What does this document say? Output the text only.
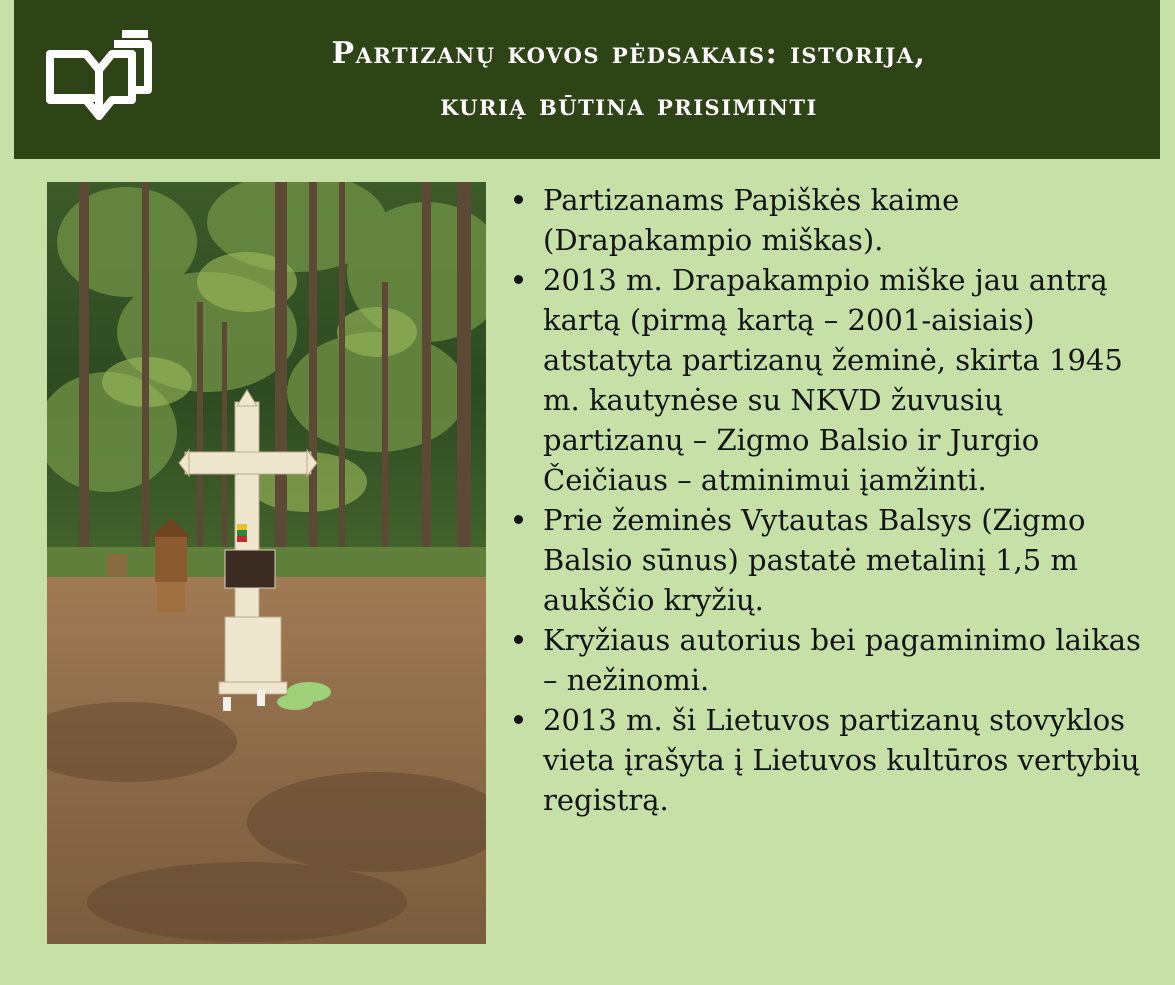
Partizanų kovos pėdsakais: istorija,
kurią būtina prisiminti
Partizanams Papiškės kaime (Drapakampio miškas).
2013 m. Drapakampio miške jau antrą kartą (pirmą kartą – 2001-aisiais) atstatyta partizanų žeminė, skirta 1945 m. kautynėse su NKVD žuvusių partizanų – Zigmo Balsio ir Jurgio Čeičiaus – atminimui įamžinti.
Prie žeminės Vytautas Balsys (Zigmo Balsio sūnus) pastatė metalinį 1,5 m aukščio kryžių.
Kryžiaus autorius bei pagaminimo laikas – nežinomi.
2013 m. ši Lietuvos partizanų stovyklos vieta įrašyta į Lietuvos kultūros vertybių registrą.
